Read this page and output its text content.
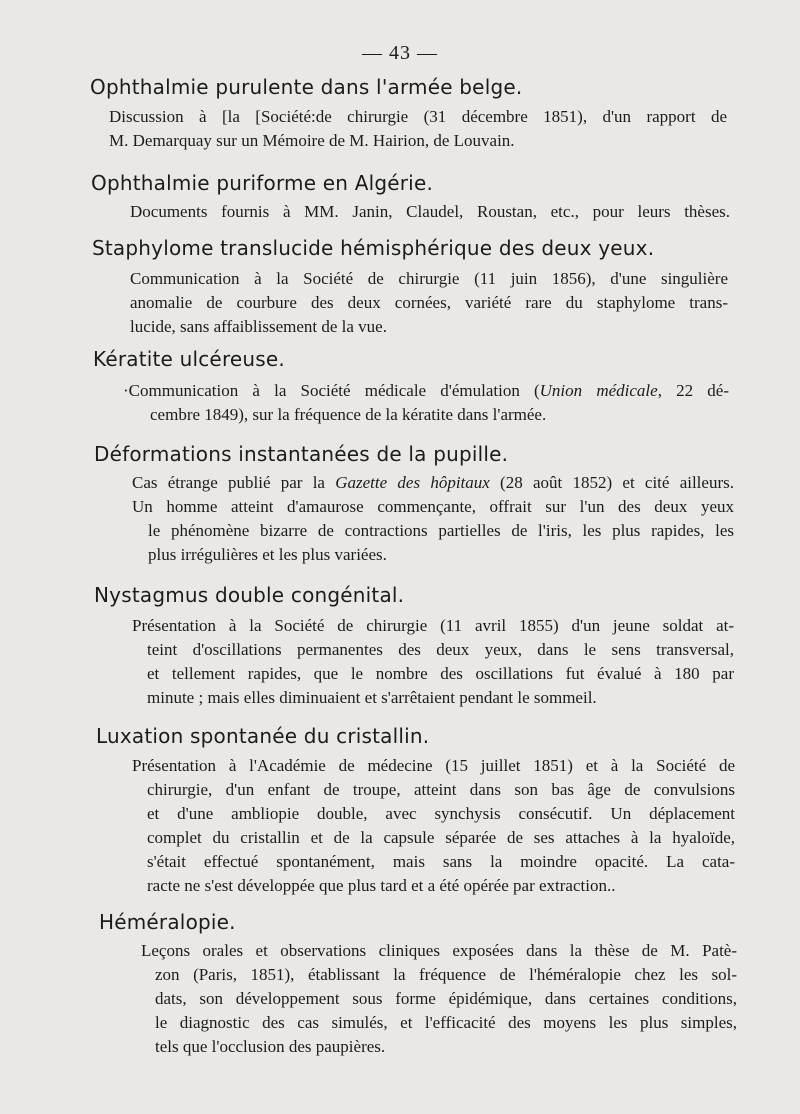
— 43 —
Ophthalmie purulente dans l'armée belge.
Discussion à [la [Société:de chirurgie (31 décembre 1851), d'un rapport de
M. Demarquay sur un Mémoire de M. Hairion, de Louvain.
Ophthalmie puriforme en Algérie.
Documents fournis à MM. Janin, Claudel, Roustan, etc., pour leurs thèses.
Staphylome translucide hémisphérique des deux yeux.
Communication à la Société de chirurgie (11 juin 1856), d'une singulière
anomalie de courbure des deux cornées, variété rare du staphylome trans-
lucide, sans affaiblissement de la vue.
Kératite ulcéreuse.
·Communication à la Société médicale d'émulation (Union médicale, 22 dé-
cembre 1849), sur la fréquence de la kératite dans l'armée.
Déformations instantanées de la pupille.
Cas étrange publié par la Gazette des hôpitaux (28 août 1852) et cité ailleurs.
Un homme atteint d'amaurose commençante, offrait sur l'un des deux yeux
le phénomène bizarre de contractions partielles de l'iris, les plus rapides, les
plus irrégulières et les plus variées.
Nystagmus double congénital.
Présentation à la Société de chirurgie (11 avril 1855) d'un jeune soldat at-
teint d'oscillations permanentes des deux yeux, dans le sens transversal,
et tellement rapides, que le nombre des oscillations fut évalué à 180 par
minute ; mais elles diminuaient et s'arrêtaient pendant le sommeil.
Luxation spontanée du cristallin.
Présentation à l'Académie de médecine (15 juillet 1851) et à la Société de
chirurgie, d'un enfant de troupe, atteint dans son bas âge de convulsions
et d'une ambliopie double, avec synchysis consécutif. Un déplacement
complet du cristallin et de la capsule séparée de ses attaches à la hyaloïde,
s'était effectué spontanément, mais sans la moindre opacité. La cata-
racte ne s'est développée que plus tard et a été opérée par extraction..
Héméralopie.
Leçons orales et observations cliniques exposées dans la thèse de M. Patè-
zon (Paris, 1851), établissant la fréquence de l'héméralopie chez les sol-
dats, son développement sous forme épidémique, dans certaines conditions,
le diagnostic des cas simulés, et l'efficacité des moyens les plus simples,
tels que l'occlusion des paupières.
